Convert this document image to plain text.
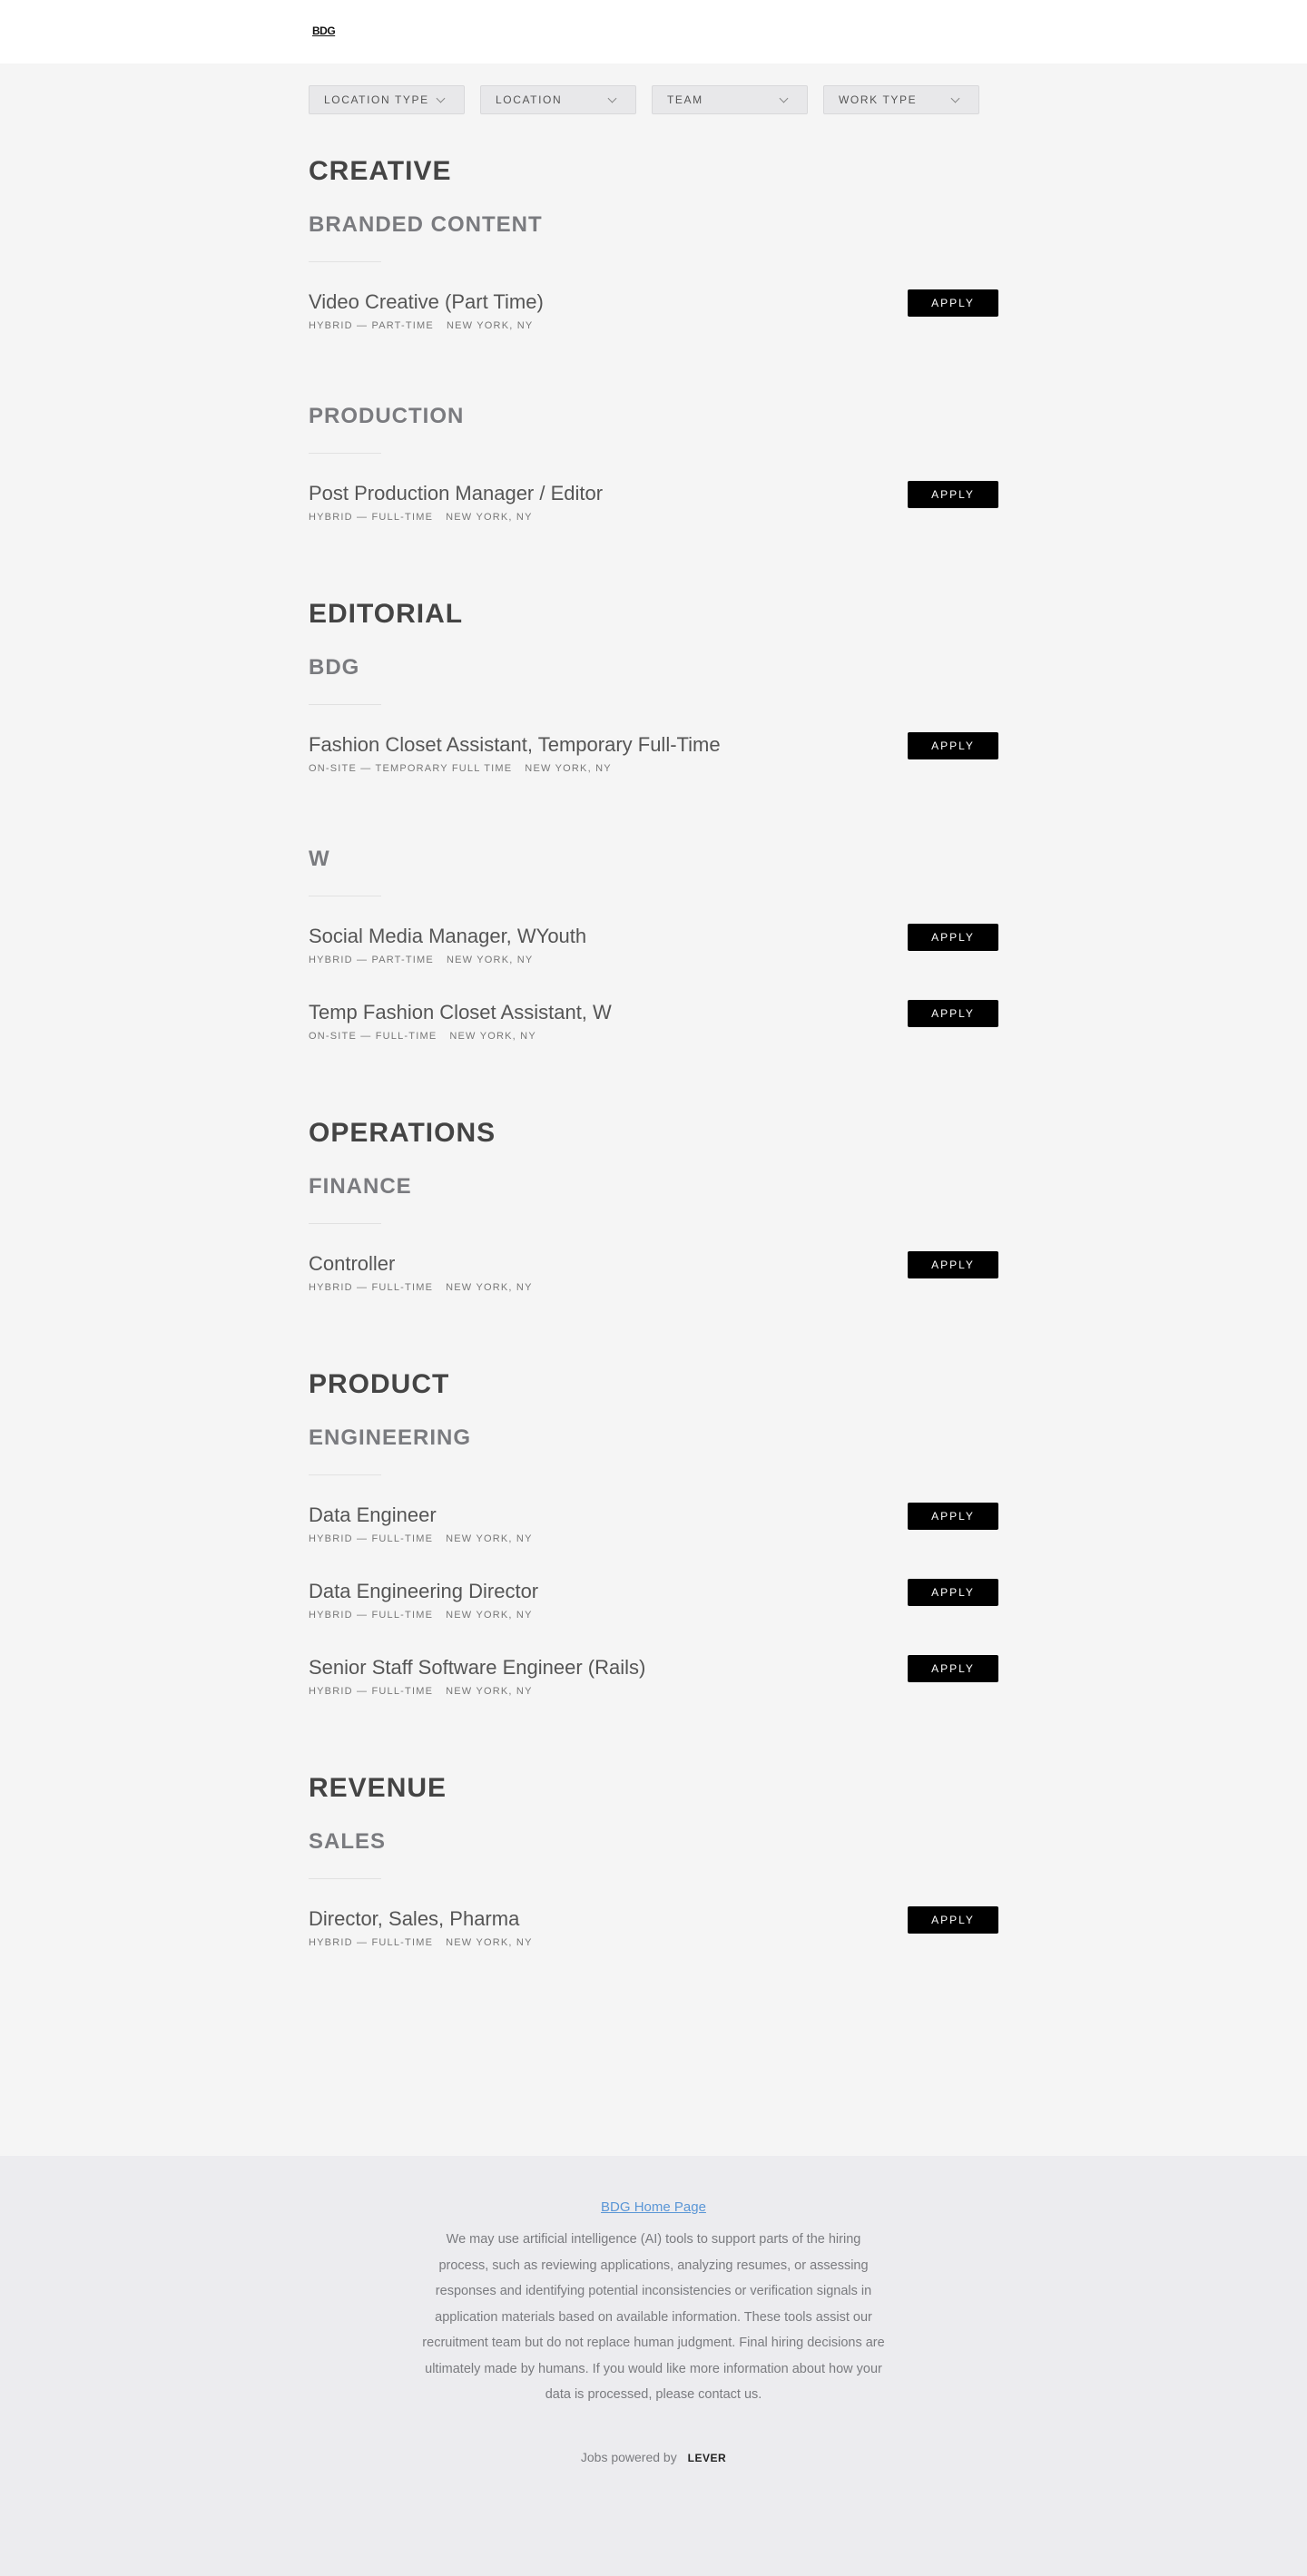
BDG
LOCATION TYPE	LOCATION	TEAM	WORK TYPE
CREATIVE
BRANDED CONTENT
Video Creative (Part Time)
HYBRID — PART-TIME NEW YORK, NY
APPLY
PRODUCTION
Post Production Manager / Editor
HYBRID — FULL-TIME NEW YORK, NY
APPLY
EDITORIAL
BDG
Fashion Closet Assistant, Temporary Full-Time
ON-SITE — TEMPORARY FULL TIME NEW YORK, NY
APPLY
W
Social Media Manager, WYouth
HYBRID — PART-TIME NEW YORK, NY
APPLY
Temp Fashion Closet Assistant, W
ON-SITE — FULL-TIME NEW YORK, NY
APPLY
OPERATIONS
FINANCE
Controller
HYBRID — FULL-TIME NEW YORK, NY
APPLY
PRODUCT
ENGINEERING
Data Engineer
HYBRID — FULL-TIME NEW YORK, NY
APPLY
Data Engineering Director
HYBRID — FULL-TIME NEW YORK, NY
APPLY
Senior Staff Software Engineer (Rails)
HYBRID — FULL-TIME NEW YORK, NY
APPLY
REVENUE
SALES
Director, Sales, Pharma
HYBRID — FULL-TIME NEW YORK, NY
APPLY
BDG Home Page

We may use artificial intelligence (AI) tools to support parts of the hiring process, such as reviewing applications, analyzing resumes, or assessing responses and identifying potential inconsistencies or verification signals in application materials based on available information. These tools assist our recruitment team but do not replace human judgment. Final hiring decisions are ultimately made by humans. If you would like more information about how your data is processed, please contact us.

Jobs powered by LEVER
